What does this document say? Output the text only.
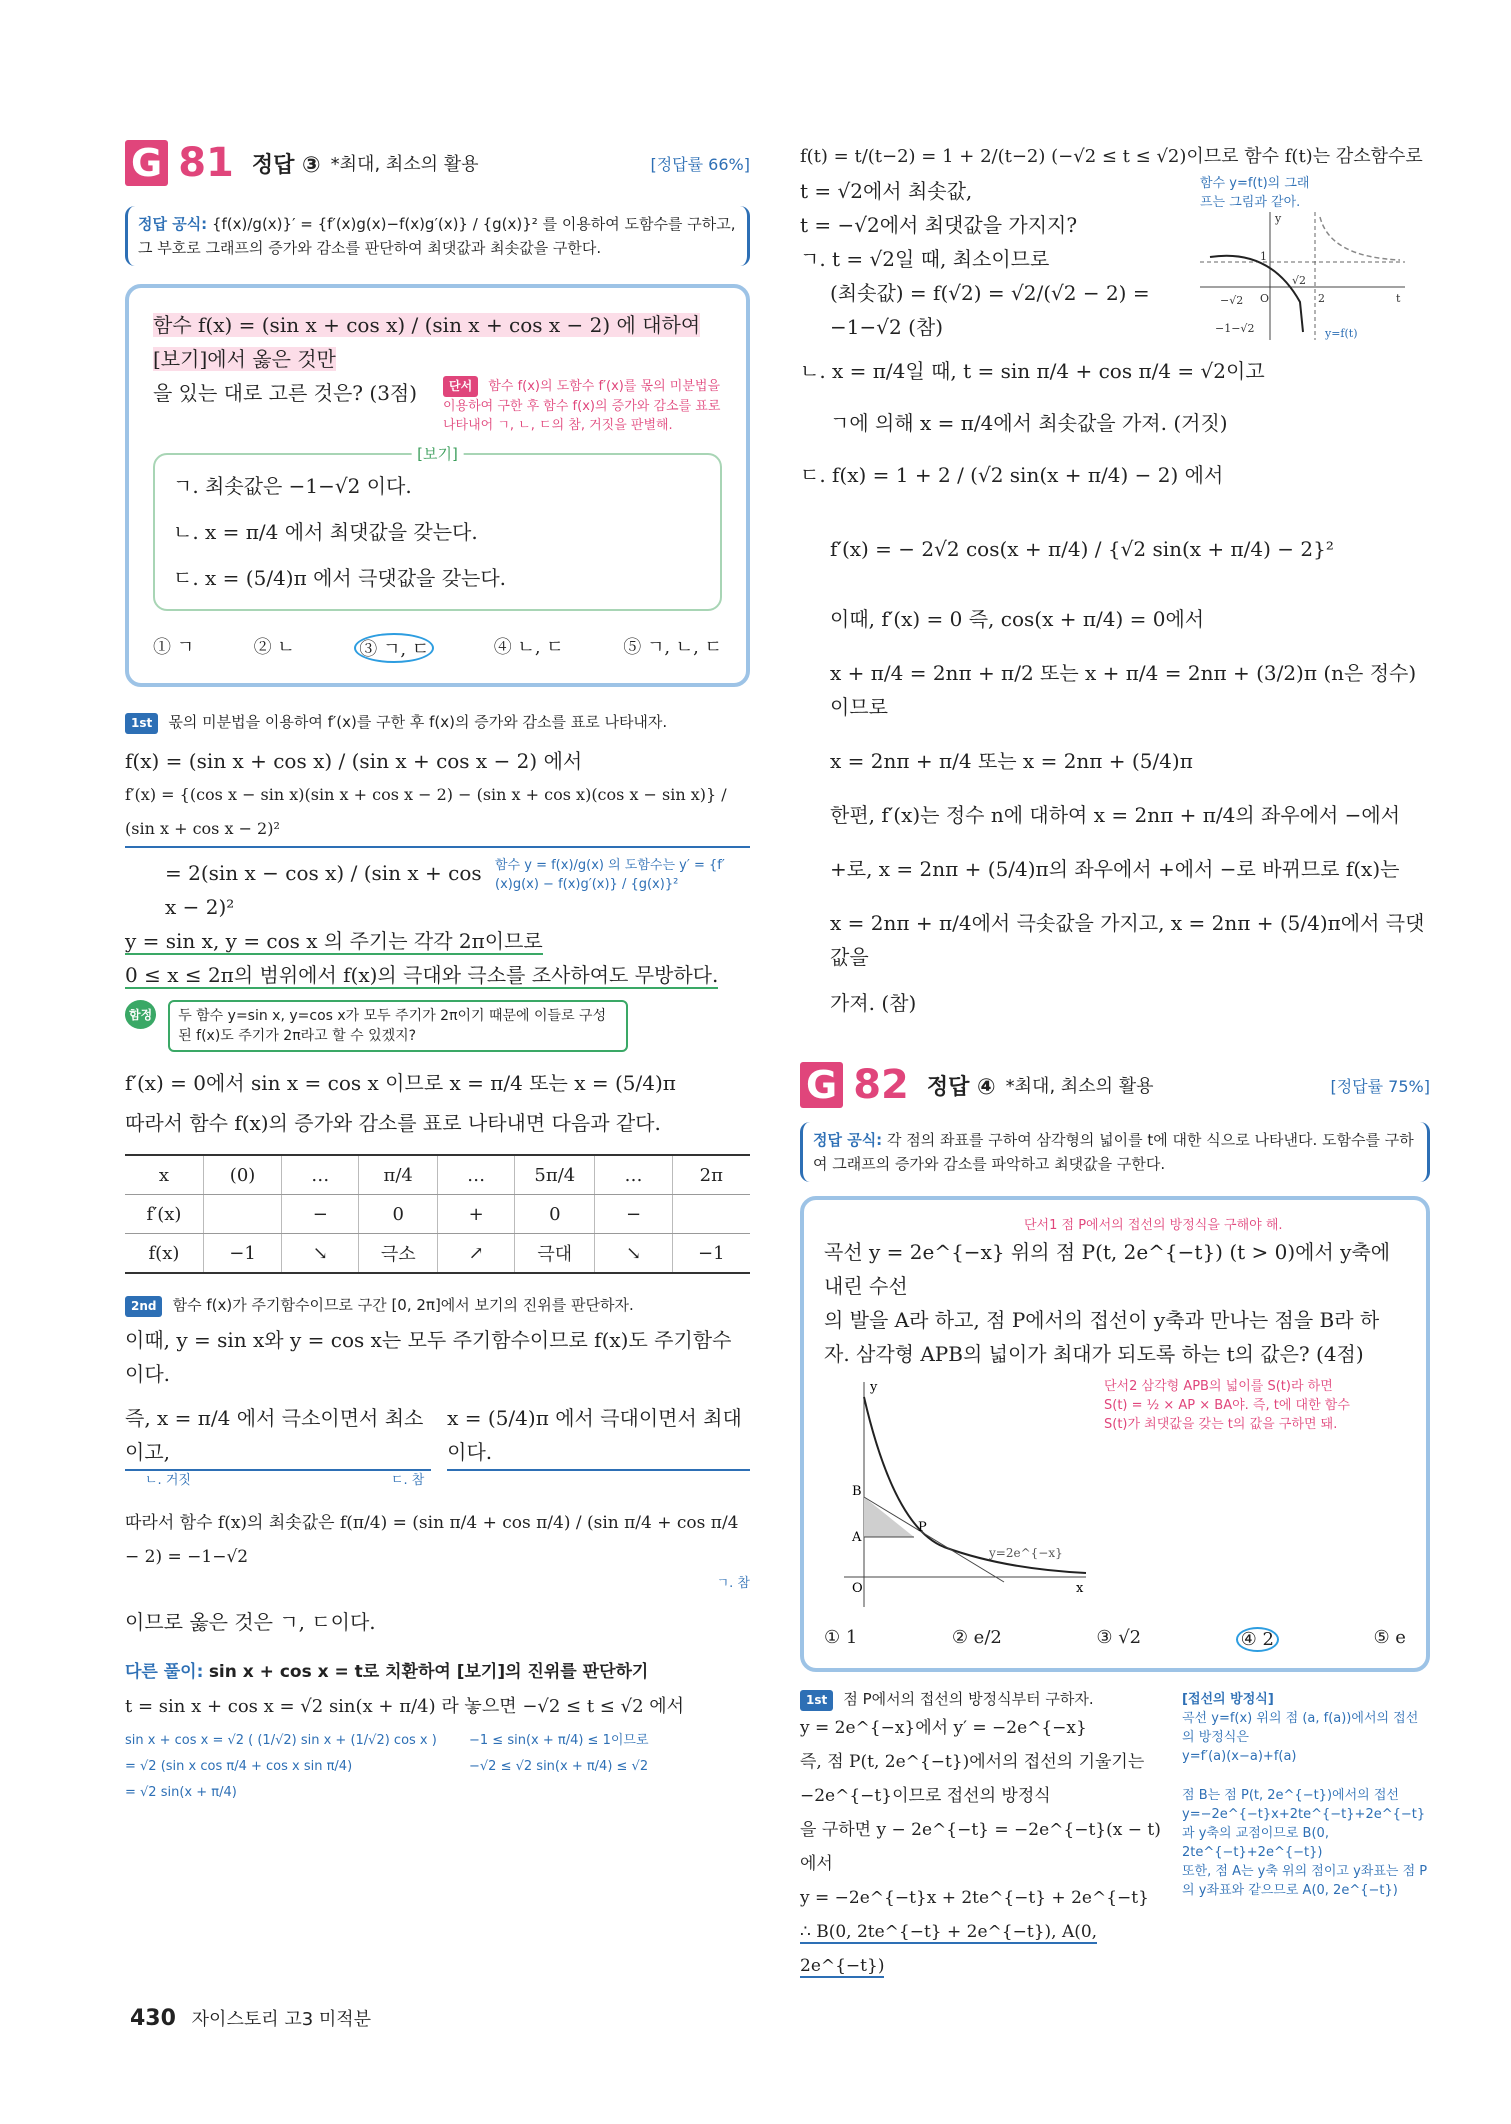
G 81 정답 ③ *최대, 최소의 활용	[정답률 66%]
정답 공식: {f(x)/g(x)}′ = {f′(x)g(x)−f(x)g′(x)} / {g(x)}² 를 이용하여 도함수를 구하고,
그 부호로 그래프의 증가와 감소를 판단하여 최댓값과 최솟값을 구한다.
함수 f(x) = (sin x + cos x) / (sin x + cos x − 2) 에 대하여 [보기]에서 옳은 것만
을 있는 대로 고른 것은? (3점)	단서 함수 f(x)의 도함수 f′(x)를 몫의 미분법을 이용하여 구한 후 함수 f(x)의 증가와 감소를 표로 나타내어 ㄱ, ㄴ, ㄷ의 참, 거짓을 판별해.
[보기]
ㄱ. 최솟값은 −1−√2 이다.
ㄴ. x = π/4 에서 최댓값을 갖는다.
ㄷ. x = (5/4)π 에서 극댓값을 갖는다.
① ㄱ	② ㄴ	③ ㄱ, ㄷ	④ ㄴ, ㄷ	⑤ ㄱ, ㄴ, ㄷ
1st 몫의 미분법을 이용하여 f′(x)를 구한 후 f(x)의 증가와 감소를 표로 나타내자.
f(x) = (sin x + cos x) / (sin x + cos x − 2) 에서
f′(x) = {(cos x − sin x)(sin x + cos x − 2) − (sin x + cos x)(cos x − sin x)} / (sin x + cos x − 2)²
= 2(sin x − cos x) / (sin x + cos x − 2)²
함수 y = f(x)/g(x) 의 도함수는 y′ = {f′(x)g(x) − f(x)g′(x)} / {g(x)}²
y = sin x, y = cos x 의 주기는 각각 2π이므로
0 ≤ x ≤ 2π의 범위에서 f(x)의 극대와 극소를 조사하여도 무방하다.
함정	두 함수 y=sin x, y=cos x가 모두 주기가 2π이기 때문에 이들로 구성된 f(x)도 주기가 2π라고 할 수 있겠지?
f′(x) = 0에서 sin x = cos x 이므로 x = π/4 또는 x = (5/4)π
따라서 함수 f(x)의 증가와 감소를 표로 나타내면 다음과 같다.
x	(0)	…	π/4	…	5π/4	…	2π
f′(x)		−	0	+	0	−	
f(x)	−1	↘	극소	↗	극대	↘	−1
2nd 함수 f(x)가 주기함수이므로 구간 [0, 2π]에서 보기의 진위를 판단하자.
이때, y = sin x와 y = cos x는 모두 주기함수이므로 f(x)도 주기함수
이다.
즉, x = π/4 에서 극소이면서 최소이고,
x = (5/4)π 에서 극대이면서 최대이다.
ㄴ. 거짓	ㄷ. 참
따라서 함수 f(x)의 최솟값은 f(π/4) = (sin π/4 + cos π/4) / (sin π/4 + cos π/4 − 2) = −1−√2
ㄱ. 참
이므로 옳은 것은 ㄱ, ㄷ이다.
다른 풀이: sin x + cos x = t로 치환하여 [보기]의 진위를 판단하기
t = sin x + cos x = √2 sin(x + π/4) 라 놓으면 −√2 ≤ t ≤ √2 에서
sin x + cos x = √2 ( (1/√2) sin x + (1/√2) cos x )
= √2 (sin x cos π/4 + cos x sin π/4)
= √2 sin(x + π/4)
−1 ≤ sin(x + π/4) ≤ 1이므로
−√2 ≤ √2 sin(x + π/4) ≤ √2
f(t) = t/(t−2) = 1 + 2/(t−2) (−√2 ≤ t ≤ √2)이므로 함수 f(t)는 감소함수로
t = √2에서 최솟값,
t = −√2에서 최댓값을 가지지?
ㄱ. t = √2일 때, 최소이므로
(최솟값) = f(√2) = √2/(√2 − 2) = −1−√2 (참)
함수 y=f(t)의 그래프는 그림과 같아.
−√2 O
√2
2
1
−1−√2
t
y
y=f(t)
ㄴ. x = π/4일 때, t = sin π/4 + cos π/4 = √2이고
ㄱ에 의해 x = π/4에서 최솟값을 가져. (거짓)
ㄷ. f(x) = 1 + 2 / (√2 sin(x + π/4) − 2) 에서
f′(x) = − 2√2 cos(x + π/4) / {√2 sin(x + π/4) − 2}²
이때, f′(x) = 0 즉, cos(x + π/4) = 0에서
x + π/4 = 2nπ + π/2 또는 x + π/4 = 2nπ + (3/2)π (n은 정수)이므로
x = 2nπ + π/4 또는 x = 2nπ + (5/4)π
한편, f′(x)는 정수 n에 대하여 x = 2nπ + π/4의 좌우에서 −에서
+로, x = 2nπ + (5/4)π의 좌우에서 +에서 −로 바뀌므로 f(x)는
x = 2nπ + π/4에서 극솟값을 가지고, x = 2nπ + (5/4)π에서 극댓값을
가져. (참)
G 82 정답 ④ *최대, 최소의 활용	[정답률 75%]
정답 공식: 각 점의 좌표를 구하여 삼각형의 넓이를 t에 대한 식으로 나타낸다. 도함수를 구하여 그래프의 증가와 감소를 파악하고 최댓값을 구한다.
단서1 점 P에서의 접선의 방정식을 구해야 해.
곡선 y = 2e^{−x} 위의 점 P(t, 2e^{−t}) (t > 0)에서 y축에 내린 수선
의 발을 A라 하고, 점 P에서의 접선이 y축과 만나는 점을 B라 하
자. 삼각형 APB의 넓이가 최대가 되도록 하는 t의 값은? (4점)
B
A
P
O	x
y
y=2e^{−x}
단서2 삼각형 APB의 넓이를 S(t)라 하면
S(t) = ½ × AP × BA야. 즉, t에 대한 함수
S(t)가 최댓값을 갖는 t의 값을 구하면 돼.
① 1	② e/2	③ √2	④ 2	⑤ e
1st 점 P에서의 접선의 방정식부터 구하자.
y = 2e^{−x}에서 y′ = −2e^{−x}
즉, 점 P(t, 2e^{−t})에서의 접선의 기울기는 −2e^{−t}이므로 접선의 방정식
을 구하면 y − 2e^{−t} = −2e^{−t}(x − t)에서
y = −2e^{−t}x + 2te^{−t} + 2e^{−t}
∴ B(0, 2te^{−t} + 2e^{−t}), A(0, 2e^{−t})
[접선의 방정식]
곡선 y=f(x) 위의 점 (a, f(a))에서의 접선의 방정식은
y=f′(a)(x−a)+f(a)
점 B는 점 P(t, 2e^{−t})에서의 접선 y=−2e^{−t}x+2te^{−t}+2e^{−t}과 y축의 교점이므로 B(0, 2te^{−t}+2e^{−t})
또한, 점 A는 y축 위의 점이고 y좌표는 점 P의 y좌표와 같으므로 A(0, 2e^{−t})
430 자이스토리 고3 미적분
